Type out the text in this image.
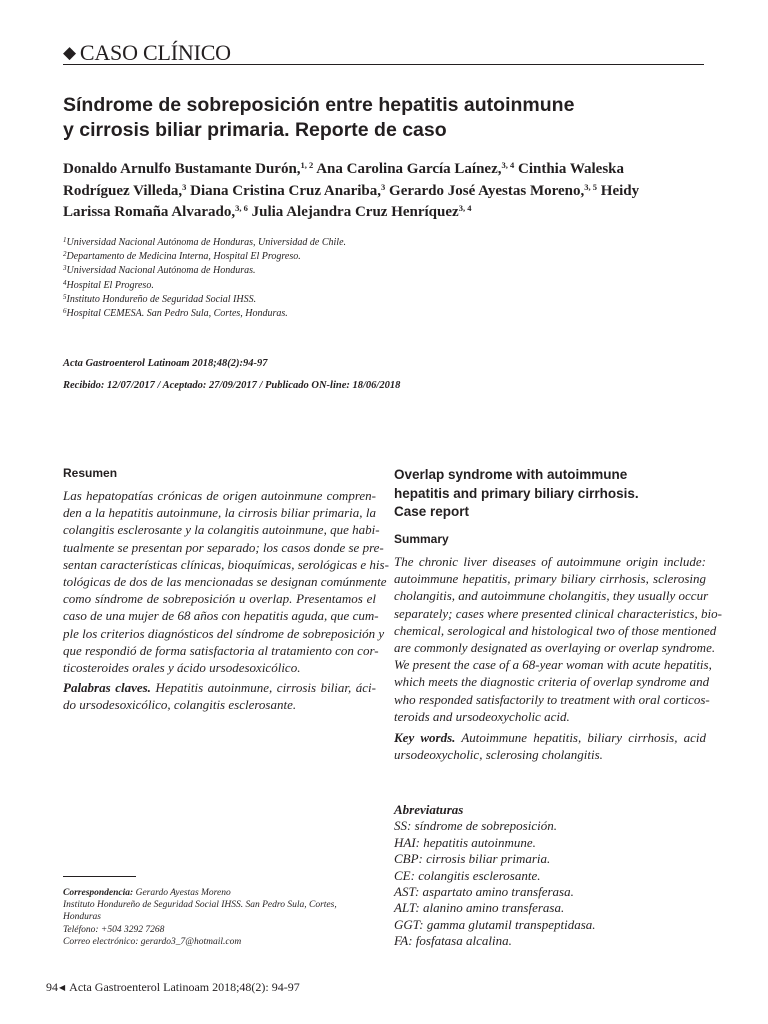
◆ CASO CLÍNICO
Síndrome de sobreposición entre hepatitis autoinmune
y cirrosis biliar primaria. Reporte de caso
Donaldo Arnulfo Bustamante Durón,$^{1, 2}$ Ana Carolina García Laínez,$^{3, 4}$ Cinthia Waleska
Rodríguez Villeda,$^3$ Diana Cristina Cruz Anariba,$^3$ Gerardo José Ayestas Moreno,$^{3, 5}$ Heidy
Larissa Romaña Alvarado,$^{3, 6}$ Julia Alejandra Cruz Henríquez$^{3, 4}$
$^1$Universidad Nacional Autónoma de Honduras, Universidad de Chile.
$^2$Departamento de Medicina Interna, Hospital El Progreso.
$^3$Universidad Nacional Autónoma de Honduras.
$^4$Hospital El Progreso.
$^5$Instituto Hondureño de Seguridad Social IHSS.
$^6$Hospital CEMESA. San Pedro Sula, Cortes, Honduras.
Acta Gastroenterol Latinoam 2018;48(2):94-97
Recibido: 12/07/2017 / Aceptado: 27/09/2017 / Publicado ON-line: 18/06/2018
Resumen
Las hepatopatías crónicas de origen autoinmune compren-
den a la hepatitis autoinmune, la cirrosis biliar primaria, la
colangitis esclerosante y la colangitis autoinmune, que habi-
tualmente se presentan por separado; los casos donde se pre-
sentan características clínicas, bioquímicas, serológicas e his-
tológicas de dos de las mencionadas se designan comúnmente
como síndrome de sobreposición u overlap. Presentamos el
caso de una mujer de 68 años con hepatitis aguda, que cum-
ple los criterios diagnósticos del síndrome de sobreposición y
que respondió de forma satisfactoria al tratamiento con cor-
ticosteroides orales y ácido ursodesoxicólico.
Palabras claves. Hepatitis autoinmune, cirrosis biliar, áci-
do ursodesoxicólico, colangitis esclerosante.
Overlap syndrome with autoimmune
hepatitis and primary biliary cirrhosis.
Case report
Summary
The chronic liver diseases of autoimmune origin include:
autoimmune hepatitis, primary biliary cirrhosis, sclerosing
cholangitis, and autoimmune cholangitis, they usually occur
separately; cases where presented clinical characteristics, bio-
chemical, serological and histological two of those mentioned
are commonly designated as overlaying or overlap syndrome.
We present the case of a 68-year woman with acute hepatitis,
which meets the diagnostic criteria of overlap syndrome and
who responded satisfactorily to treatment with oral corticos-
teroids and ursodeoxycholic acid.
Key words. Autoimmune hepatitis, biliary cirrhosis, acid
ursodeoxycholic, sclerosing cholangitis.
Abreviaturas
SS: síndrome de sobreposición.
HAI: hepatitis autoinmune.
CBP: cirrosis biliar primaria.
CE: colangitis esclerosante.
AST: aspartato amino transferasa.
ALT: alanino amino transferasa.
GGT: gamma glutamil transpeptidasa.
FA: fosfatasa alcalina.
Correspondencia: Gerardo Ayestas Moreno
Instituto Hondureño de Seguridad Social IHSS. San Pedro Sula, Cortes,
Honduras
Teléfono: +504 3292 7268
Correo electrónico: gerardo3_7@hotmail.com
94◀ Acta Gastroenterol Latinoam 2018;48(2): 94-97
